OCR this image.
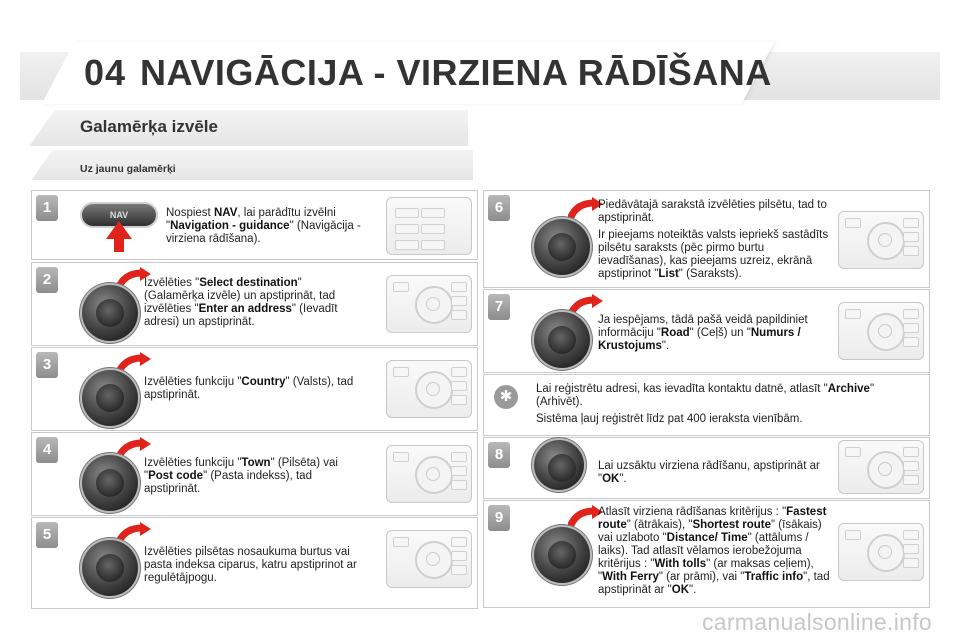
04 NAVIGĀCIJA - VIRZIENA RĀDĪŠANA
Galamērķa izvēle
Uz jaunu galamērķi
1	NAV	Nospiest NAV, lai parādītu izvēlni "Navigation - guidance" (Navigācija - virziena rādīšana).
2	Izvēlēties "Select destination" (Galamērķa izvēle) un apstiprināt, tad izvēlēties "Enter an address" (Ievadīt adresi) un apstiprināt.
3
Izvēlēties funkciju "Country" (Valsts), tad apstiprināt.
4
Izvēlēties funkciju "Town" (Pilsēta) vai "Post code" (Pasta indekss), tad apstiprināt.
5
Izvēlēties pilsētas nosaukuma burtus vai pasta indeksa ciparus, katru apstiprinot ar regulētājpogu.
6	Piedāvātajā sarakstā izvēlēties pilsētu, tad to apstiprināt.

Ir pieejams noteiktās valsts iepriekš sastādīts pilsētu saraksts (pēc pirmo burtu ievadīšanas), kas pieejams uzreiz, ekrānā apstiprinot "List" (Saraksts).

7
Ja iespējams, tādā pašā veidā papildiniet informāciju "Road" (Ceļš) un "Numurs / Krustojums".
✱	Lai reģistrētu adresi, kas ievadīta kontaktu datnē, atlasīt "Archive" (Arhivēt).

Sistēma ļauj reģistrēt līdz pat 400 ieraksta vienībām.

8
Lai uzsāktu virziena rādīšanu, apstiprināt ar "OK".
9	Atlasīt virziena rādīšanas kritērijus : "Fastest route" (ātrākais), "Shortest route" (īsākais) vai uzlaboto "Distance/ Time" (attālums / laiks). Tad atlasīt vēlamos ierobežojuma kritērijus : "With tolls" (ar maksas ceļiem), "With Ferry" (ar prāmi), vai "Traffic info", tad apstiprināt ar "OK".
carmanualsonline.info
